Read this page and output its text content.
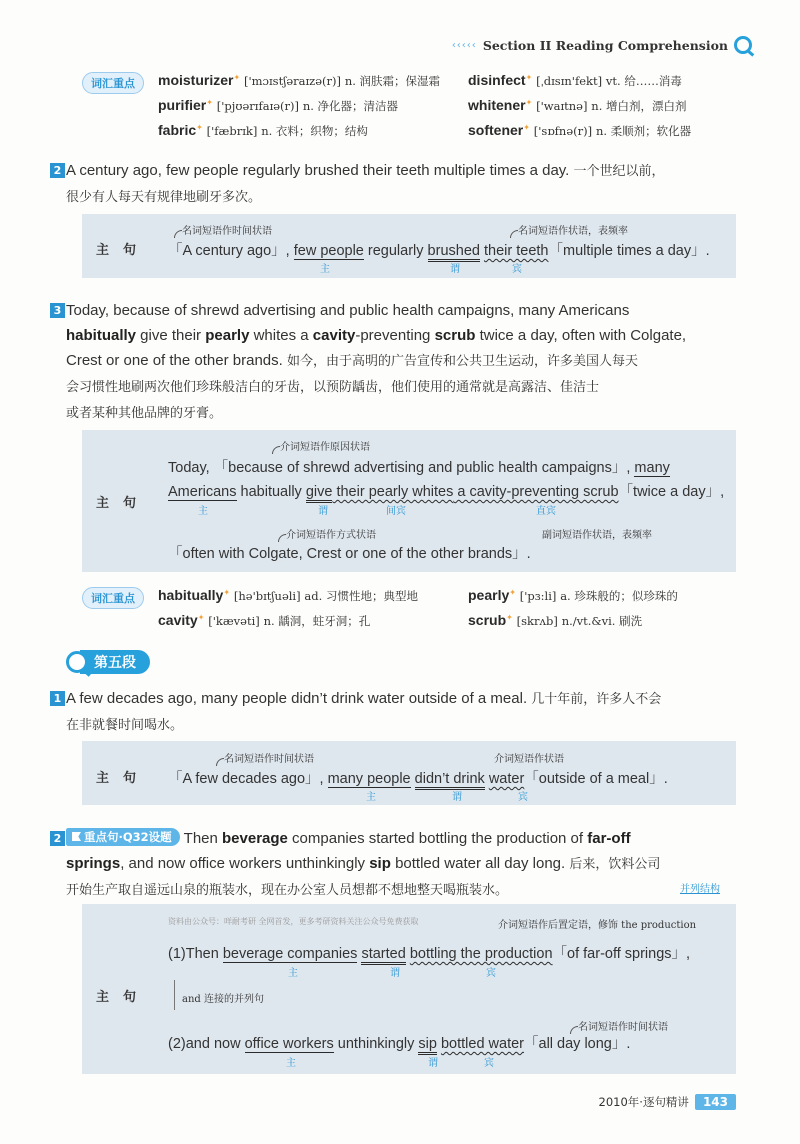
‹‹‹‹‹ Section II Reading Comprehension
词汇重点	moisturizer✦ ['mɔɪstʃəraɪzə(r)] n. 润肤霜；保湿霜 disinfect✦ [ˌdɪsɪn'fekt] vt. 给……消毒
purifier✦ ['pjʊərɪfaɪə(r)] n. 净化器；清洁器	whitener✦ ['waɪtnə] n. 增白剂，漂白剂
fabric✦ ['fæbrɪk] n. 衣料；织物；结构	softener✦ ['sɒfnə(r)] n. 柔顺剂；软化器
2 A century ago, few people regularly brushed their teeth multiple times a day. 一个世纪以前，
很少有人每天有规律地刷牙多次。
主句
名词短语作时间状语	名词短语作状语，表频率
「A century ago」, few people regularly brushed their teeth「multiple times a day」.
主	谓	宾
3 Today, because of shrewd advertising and public health campaigns, many Americans
habitually give their pearly whites a cavity-preventing scrub twice a day, often with Colgate,
Crest or one of the other brands. 如今，由于高明的广告宣传和公共卫生运动，许多美国人每天
会习惯性地刷两次他们珍珠般洁白的牙齿，以预防龋齿，他们使用的通常就是高露洁、佳洁士
或者某种其他品牌的牙膏。
主句
介词短语作原因状语
Today, 「because of shrewd advertising and public health campaigns」, many
Americans habitually give their pearly whites a cavity-preventing scrub「twice a day」,
主	谓	间宾	直宾
副词短语作状语，表频率
介词短语作方式状语
「often with Colgate, Crest or one of the other brands」.
词汇重点	habitually✦ [hə'bɪtʃuəli] ad. 习惯性地；典型地	pearly✦ ['pɜ:li] a. 珍珠般的；似珍珠的
cavity✦ ['kævəti] n. 龋洞，蛀牙洞；孔	scrub✦ [skrʌb] n./vt.&vi. 刷洗
第五段
1 A few decades ago, many people didn’t drink water outside of a meal. 几十年前，许多人不会
在非就餐时间喝水。
主句
名词短语作时间状语	介词短语作状语
「A few decades ago」, many people didn’t drink water「outside of a meal」.
主	谓	宾
2	重点句·Q32设题 Then beverage companies started bottling the production of far-off
springs, and now office workers unthinkingly sip bottled water all day long. 后来，饮料公司
开始生产取自遥远山泉的瓶装水，现在办公室人员想都不想地整天喝瓶装水。	并列结构
资料由公众号：咩耐考研 全网首发，更多考研资料关注公众号免费获取	介词短语作后置定语，修饰 the production
(1)Then beverage companies started bottling the production「of far-off springs」,
主	谓	宾
主句	and 连接的并列句
名词短语作时间状语
(2)and now office workers unthinkingly sip bottled water「all day long」.
主	谓	宾
2010年·逐句精讲	143
